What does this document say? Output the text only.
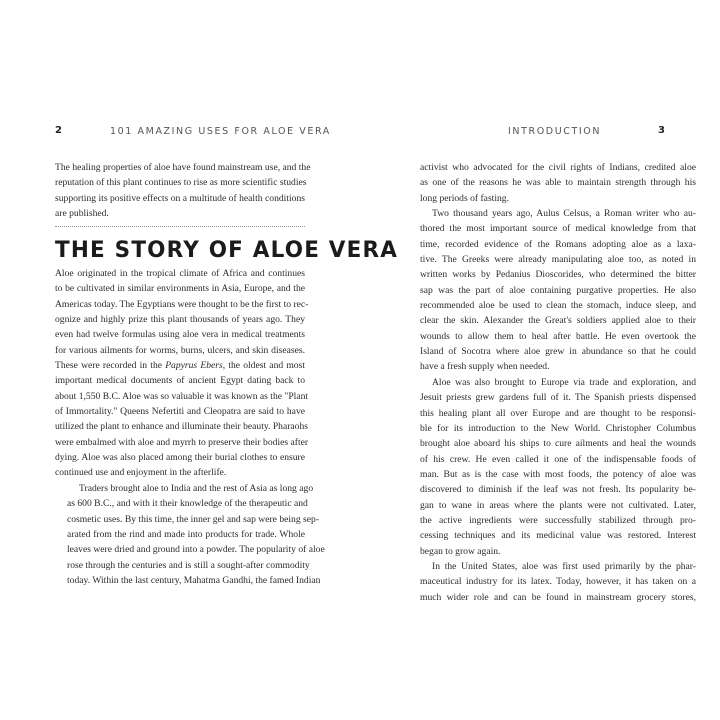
2	101 AMAZING USES FOR ALOE VERA

The healing properties of aloe have found mainstream use, and the
reputation of this plant continues to rise as more scientific studies
supporting its positive effects on a multitude of health conditions
are published.

THE STORY OF ALOE VERA

Aloe originated in the tropical climate of Africa and continues
to be cultivated in similar environments in Asia, Europe, and the
Americas today. The Egyptians were thought to be the first to rec-
ognize and highly prize this plant thousands of years ago. They
even had twelve formulas using aloe vera in medical treatments
for various ailments for worms, burns, ulcers, and skin diseases.
These were recorded in the Papyrus Ebers, the oldest and most
important medical documents of ancient Egypt dating back to
about 1,550 B.C. Aloe was so valuable it was known as the "Plant
of Immortality." Queens Nefertiti and Cleopatra are said to have
utilized the plant to enhance and illuminate their beauty. Pharaohs
were embalmed with aloe and myrrh to preserve their bodies after
dying. Aloe was also placed among their burial clothes to ensure
continued use and enjoyment in the afterlife.

Traders brought aloe to India and the rest of Asia as long ago
as 600 B.C., and with it their knowledge of the therapeutic and
cosmetic uses. By this time, the inner gel and sap were being sep-
arated from the rind and made into products for trade. Whole
leaves were dried and ground into a powder. The popularity of aloe
rose through the centuries and is still a sought-after commodity
today. Within the last century, Mahatma Gandhi, the famed Indian

INTRODUCTION	3

activist who advocated for the civil rights of Indians, credited aloe
as one of the reasons he was able to maintain strength through his
long periods of fasting.

Two thousand years ago, Aulus Celsus, a Roman writer who au-
thored the most important source of medical knowledge from that
time, recorded evidence of the Romans adopting aloe as a laxa-
tive. The Greeks were already manipulating aloe too, as noted in
written works by Pedanius Dioscorides, who determined the bitter
sap was the part of aloe containing purgative properties. He also
recommended aloe be used to clean the stomach, induce sleep, and
clear the skin. Alexander the Great's soldiers applied aloe to their
wounds to allow them to heal after battle. He even overtook the
Island of Socotra where aloe grew in abundance so that he could
have a fresh supply when needed.

Aloe was also brought to Europe via trade and exploration, and
Jesuit priests grew gardens full of it. The Spanish priests dispensed
this healing plant all over Europe and are thought to be responsi-
ble for its introduction to the New World. Christopher Columbus
brought aloe aboard his ships to cure ailments and heal the wounds
of his crew. He even called it one of the indispensable foods of
man. But as is the case with most foods, the potency of aloe was
discovered to diminish if the leaf was not fresh. Its popularity be-
gan to wane in areas where the plants were not cultivated. Later,
the active ingredients were successfully stabilized through pro-
cessing techniques and its medicinal value was restored. Interest
began to grow again.

In the United States, aloe was first used primarily by the phar-
maceutical industry for its latex. Today, however, it has taken on a
much wider role and can be found in mainstream grocery stores,
